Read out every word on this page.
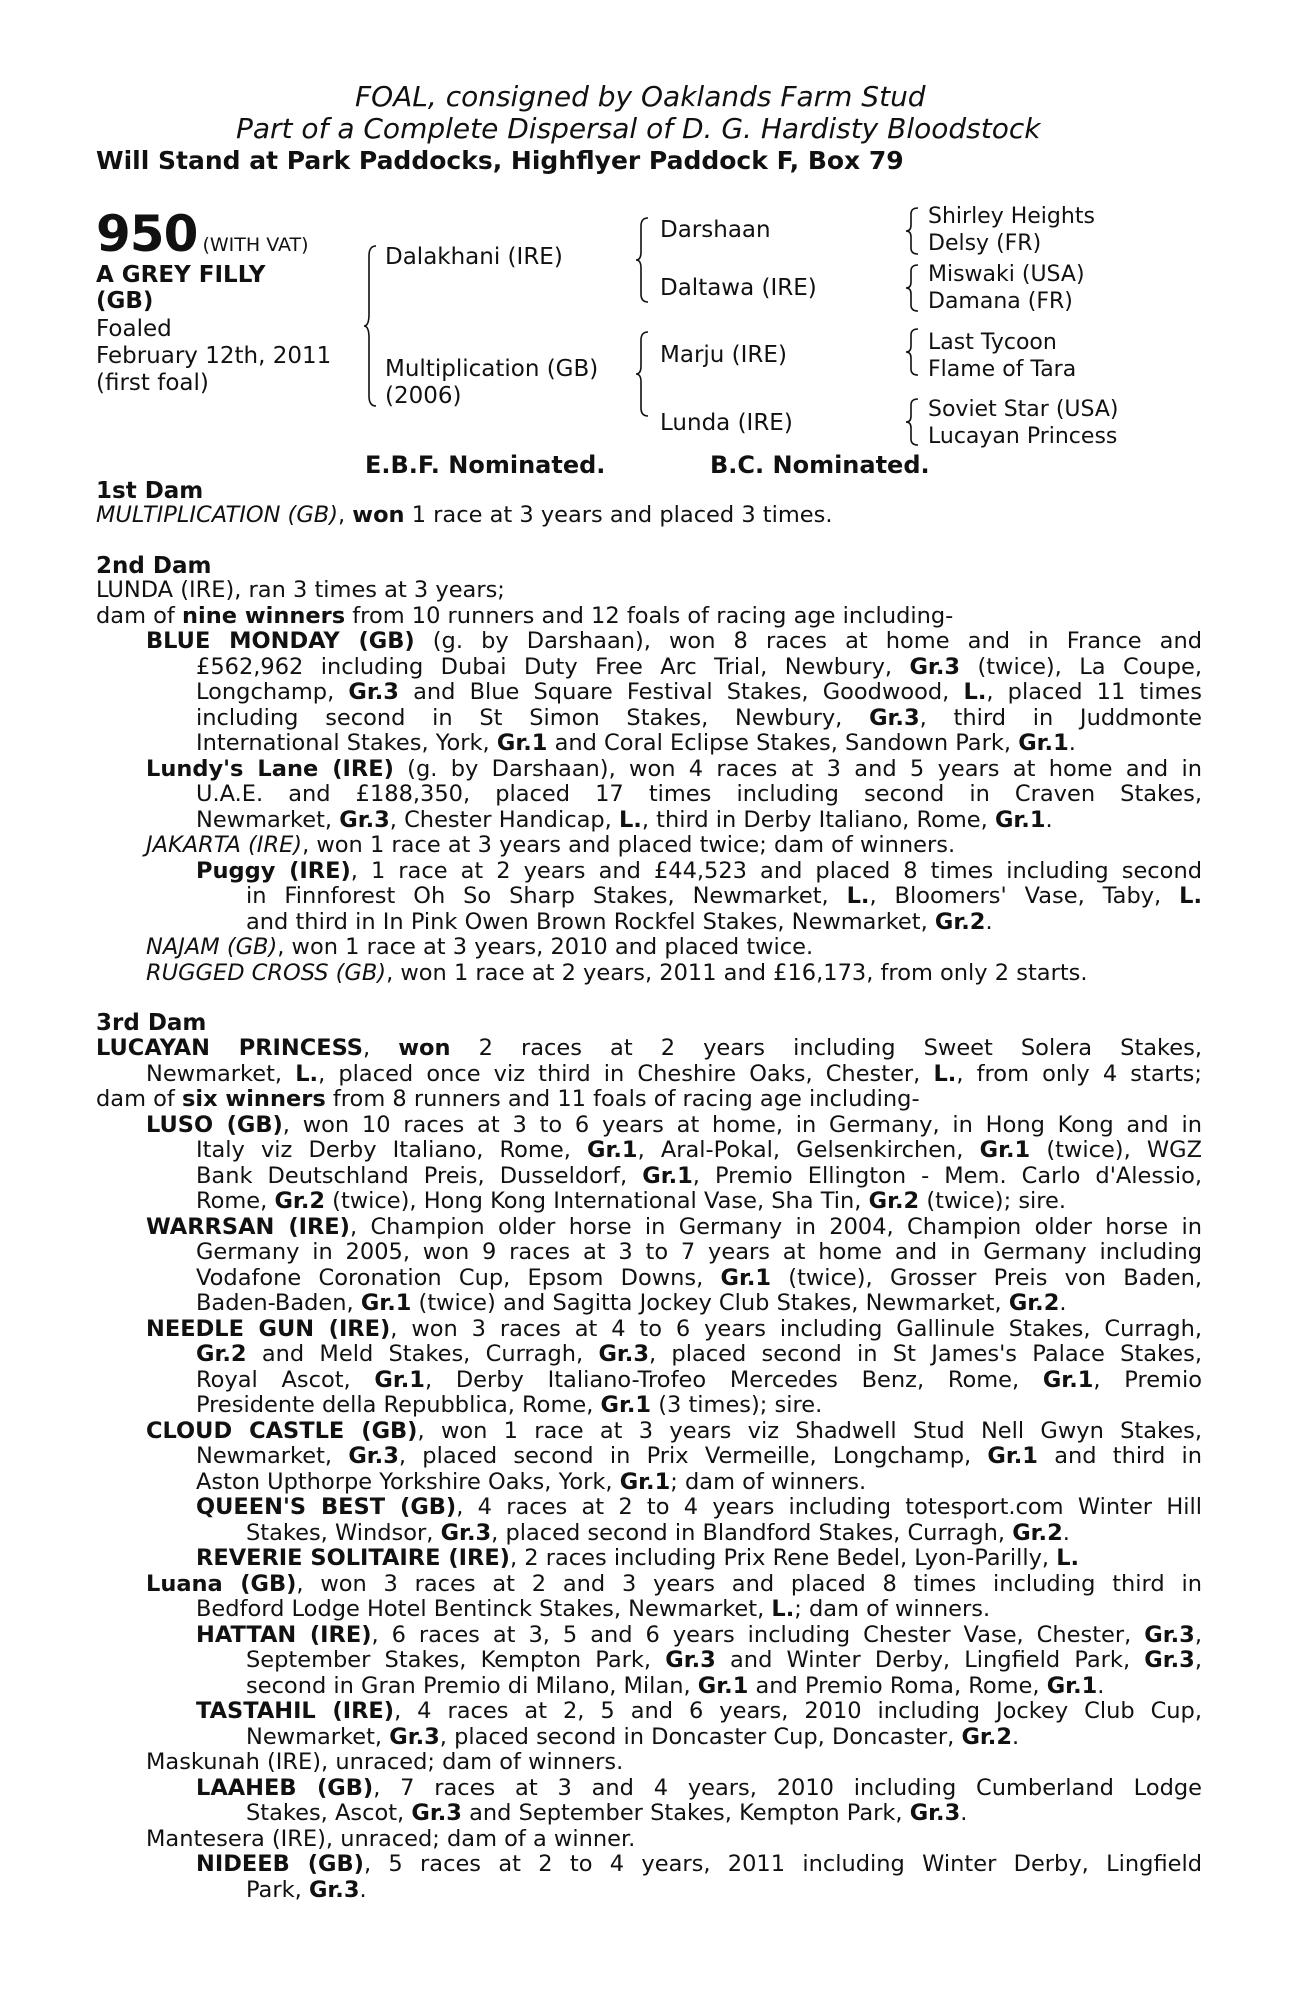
FOAL, consigned by Oaklands Farm Stud
Part of a Complete Dispersal of D. G. Hardisty Bloodstock
Will Stand at Park Paddocks, Highflyer Paddock F, Box 79
950 (WITH VAT)
A GREY FILLY
(GB)
Foaled
February 12th, 2011
(first foal)
Dalakhani (IRE)
Multiplication (GB)
(2006)
Darshaan
Daltawa (IRE)
Marju (IRE)
Lunda (IRE)
Shirley Heights
Delsy (FR)
Miswaki (USA)
Damana (FR)
Last Tycoon
Flame of Tara
Soviet Star (USA)
Lucayan Princess
E.B.F. Nominated.	B.C. Nominated.
1st Dam
MULTIPLICATION (GB), won 1 race at 3 years and placed 3 times.
2nd Dam
LUNDA (IRE), ran 3 times at 3 years;
dam of nine winners from 10 runners and 12 foals of racing age including-
BLUE MONDAY (GB) (g. by Darshaan), won 8 races at home and in France and
£562,962 including Dubai Duty Free Arc Trial, Newbury, Gr.3 (twice), La Coupe,
Longchamp, Gr.3 and Blue Square Festival Stakes, Goodwood, L., placed 11 times
including second in St Simon Stakes, Newbury, Gr.3, third in Juddmonte
International Stakes, York, Gr.1 and Coral Eclipse Stakes, Sandown Park, Gr.1.
Lundy's Lane (IRE) (g. by Darshaan), won 4 races at 3 and 5 years at home and in
U.A.E. and £188,350, placed 17 times including second in Craven Stakes,
Newmarket, Gr.3, Chester Handicap, L., third in Derby Italiano, Rome, Gr.1.
JAKARTA (IRE), won 1 race at 3 years and placed twice; dam of winners.
Puggy (IRE), 1 race at 2 years and £44,523 and placed 8 times including second
in Finnforest Oh So Sharp Stakes, Newmarket, L., Bloomers' Vase, Taby, L.
and third in In Pink Owen Brown Rockfel Stakes, Newmarket, Gr.2.
NAJAM (GB), won 1 race at 3 years, 2010 and placed twice.
RUGGED CROSS (GB), won 1 race at 2 years, 2011 and £16,173, from only 2 starts.
3rd Dam
LUCAYAN PRINCESS, won 2 races at 2 years including Sweet Solera Stakes,
Newmarket, L., placed once viz third in Cheshire Oaks, Chester, L., from only 4 starts;
dam of six winners from 8 runners and 11 foals of racing age including-
LUSO (GB), won 10 races at 3 to 6 years at home, in Germany, in Hong Kong and in
Italy viz Derby Italiano, Rome, Gr.1, Aral-Pokal, Gelsenkirchen, Gr.1 (twice), WGZ
Bank Deutschland Preis, Dusseldorf, Gr.1, Premio Ellington - Mem. Carlo d'Alessio,
Rome, Gr.2 (twice), Hong Kong International Vase, Sha Tin, Gr.2 (twice); sire.
WARRSAN (IRE), Champion older horse in Germany in 2004, Champion older horse in
Germany in 2005, won 9 races at 3 to 7 years at home and in Germany including
Vodafone Coronation Cup, Epsom Downs, Gr.1 (twice), Grosser Preis von Baden,
Baden-Baden, Gr.1 (twice) and Sagitta Jockey Club Stakes, Newmarket, Gr.2.
NEEDLE GUN (IRE), won 3 races at 4 to 6 years including Gallinule Stakes, Curragh,
Gr.2 and Meld Stakes, Curragh, Gr.3, placed second in St James's Palace Stakes,
Royal Ascot, Gr.1, Derby Italiano-Trofeo Mercedes Benz, Rome, Gr.1, Premio
Presidente della Repubblica, Rome, Gr.1 (3 times); sire.
CLOUD CASTLE (GB), won 1 race at 3 years viz Shadwell Stud Nell Gwyn Stakes,
Newmarket, Gr.3, placed second in Prix Vermeille, Longchamp, Gr.1 and third in
Aston Upthorpe Yorkshire Oaks, York, Gr.1; dam of winners.
QUEEN'S BEST (GB), 4 races at 2 to 4 years including totesport.com Winter Hill
Stakes, Windsor, Gr.3, placed second in Blandford Stakes, Curragh, Gr.2.
REVERIE SOLITAIRE (IRE), 2 races including Prix Rene Bedel, Lyon-Parilly, L.
Luana (GB), won 3 races at 2 and 3 years and placed 8 times including third in
Bedford Lodge Hotel Bentinck Stakes, Newmarket, L.; dam of winners.
HATTAN (IRE), 6 races at 3, 5 and 6 years including Chester Vase, Chester, Gr.3,
September Stakes, Kempton Park, Gr.3 and Winter Derby, Lingfield Park, Gr.3,
second in Gran Premio di Milano, Milan, Gr.1 and Premio Roma, Rome, Gr.1.
TASTAHIL (IRE), 4 races at 2, 5 and 6 years, 2010 including Jockey Club Cup,
Newmarket, Gr.3, placed second in Doncaster Cup, Doncaster, Gr.2.
Maskunah (IRE), unraced; dam of winners.
LAAHEB (GB), 7 races at 3 and 4 years, 2010 including Cumberland Lodge
Stakes, Ascot, Gr.3 and September Stakes, Kempton Park, Gr.3.
Mantesera (IRE), unraced; dam of a winner.
NIDEEB (GB), 5 races at 2 to 4 years, 2011 including Winter Derby, Lingfield
Park, Gr.3.
